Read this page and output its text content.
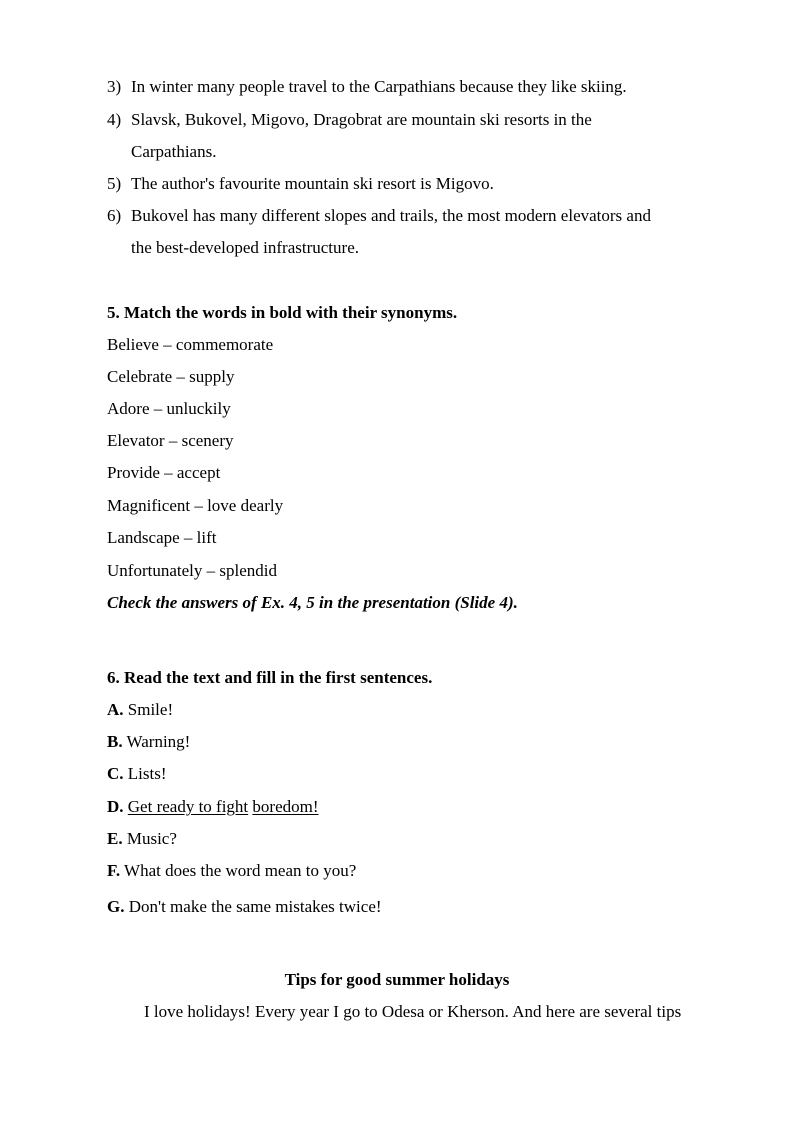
3) In winter many people travel to the Carpathians because they like skiing.
4) Slavsk, Bukovel, Migovo, Dragobrat are mountain ski resorts in the
Carpathians.
5) The author's favourite mountain ski resort is Migovo.
6) Bukovel has many different slopes and trails, the most modern elevators and
the best-developed infrastructure.
5. Match the words in bold with their synonyms.
Believe – commemorate
Celebrate – supply
Adore – unluckily
Elevator – scenery
Provide – accept
Magnificent – love dearly
Landscape – lift
Unfortunately – splendid
Check the answers of Ex. 4, 5 in the presentation (Slide 4).
6. Read the text and fill in the first sentences.
A. Smile!
B. Warning!
C. Lists!
D. Get ready to fight boredom!
E. Music?
F. What does the word mean to you?
G. Don't make the same mistakes twice!
Tips for good summer holidays
I love holidays! Every year I go to Odesa or Kherson. And here are several tips
